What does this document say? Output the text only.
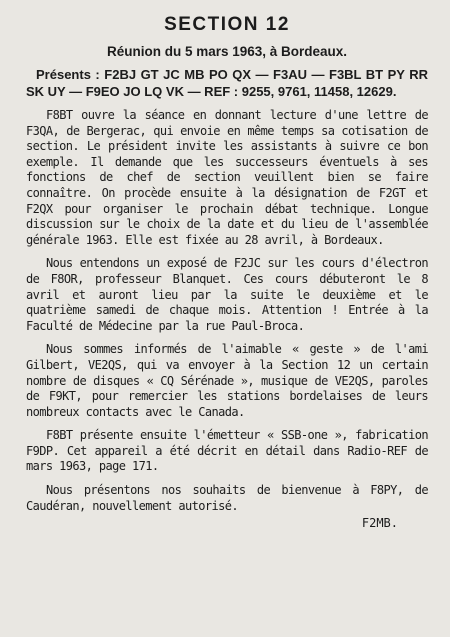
SECTION 12
Réunion du 5 mars 1963, à Bordeaux.
Présents : F2BJ GT JC MB PO QX — F3AU — F3BL BT PY RR SK UY — F9EO JO LQ VK — REF : 9255, 9761, 11458, 12629.

F8BT ouvre la séance en donnant lecture d'une lettre de F3QA, de Bergerac, qui envoie en même temps sa cotisation de section. Le président invite les assistants à suivre ce bon exemple. Il demande que les successeurs éventuels à ses fonctions de chef de section veuillent bien se faire connaître. On procède ensuite à la désignation de F2GT et F2QX pour organiser le prochain débat technique. Longue discussion sur le choix de la date et du lieu de l'assemblée générale 1963. Elle est fixée au 28 avril, à Bordeaux.

Nous entendons un exposé de F2JC sur les cours d'électron de F8OR, professeur Blanquet. Ces cours débuteront le 8 avril et auront lieu par la suite le deuxième et le quatrième samedi de chaque mois. Attention ! Entrée à la Faculté de Médecine par la rue Paul-Broca.

Nous sommes informés de l'aimable « geste » de l'ami Gilbert, VE2QS, qui va envoyer à la Section 12 un certain nombre de disques « CQ Sérénade », musique de VE2QS, paroles de F9KT, pour remercier les stations bordelaises de leurs nombreux contacts avec le Canada.

F8BT présente ensuite l'émetteur « SSB-one », fabrication F9DP. Cet appareil a été décrit en détail dans Radio-REF de mars 1963, page 171.

Nous présentons nos souhaits de bienvenue à F8PY, de Caudéran, nouvellement autorisé.

F2MB.
